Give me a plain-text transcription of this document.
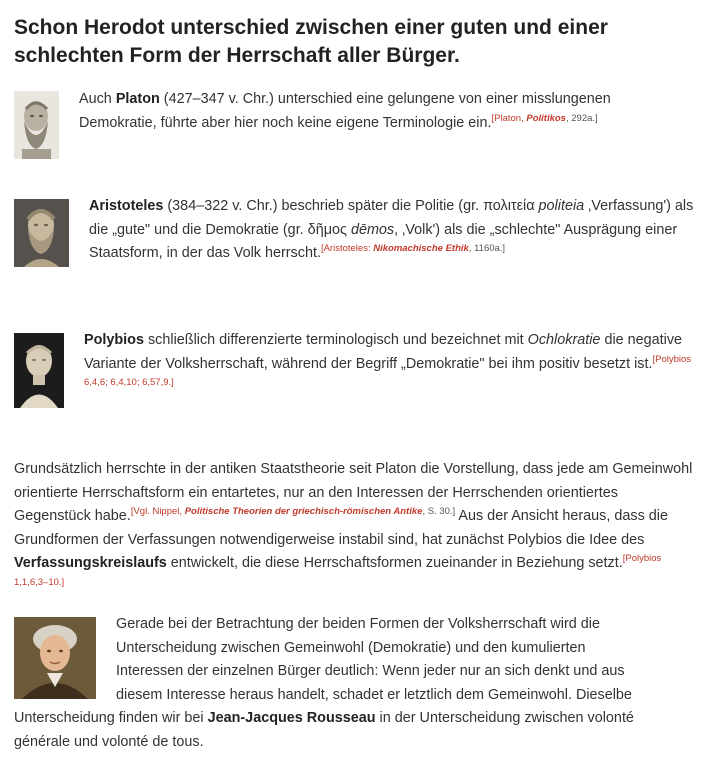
Schon Herodot unterschied zwischen einer guten und einer schlechten Form der Herrschaft aller Bürger.
Auch Platon (427–347 v. Chr.) unterschied eine gelungene von einer misslungenen Demokratie, führte aber hier noch keine eigene Terminologie ein.[Platon, Politikos, 292a.]
Aristoteles (384–322 v. Chr.) beschrieb später die Politie (gr. πολιτεία politeia ‚Verfassung') als die „gute" und die Demokratie (gr. δῆμος dēmos, ‚Volk') als die „schlechte" Ausprägung einer Staatsform, in der das Volk herrscht.[Aristoteles: Nikomachische Ethik, 1160a.]
Polybios schließlich differenzierte terminologisch und bezeichnet mit Ochlokratie die negative Variante der Volksherrschaft, während der Begriff „Demokratie" bei ihm positiv besetzt ist.[Polybios 6,4,6; 6,4,10; 6,57,9.]
Grundsätzlich herrschte in der antiken Staatstheorie seit Platon die Vorstellung, dass jede am Gemeinwohl orientierte Herrschaftsform ein entartetes, nur an den Interessen der Herrschenden orientiertes Gegenstück habe.[Vgl. Nippel, Politische Theorien der griechisch-römischen Antike, S. 30.] Aus der Ansicht heraus, dass die Grundformen der Verfassungen notwendigerweise instabil sind, hat zunächst Polybios die Idee des Verfassungskreislaufs entwickelt, die diese Herrschaftsformen zueinander in Beziehung setzt.[Polybios 1,1,6,3–10.]
Gerade bei der Betrachtung der beiden Formen der Volksherrschaft wird die Unterscheidung zwischen Gemeinwohl (Demokratie) und den kumulierten Interessen der einzelnen Bürger deutlich: Wenn jeder nur an sich denkt und aus diesem Interesse heraus handelt, schadet er letztlich dem Gemeinwohl. Dieselbe Unterscheidung finden wir bei Jean-Jacques Rousseau in der Unterscheidung zwischen volonté générale und volonté de tous.
